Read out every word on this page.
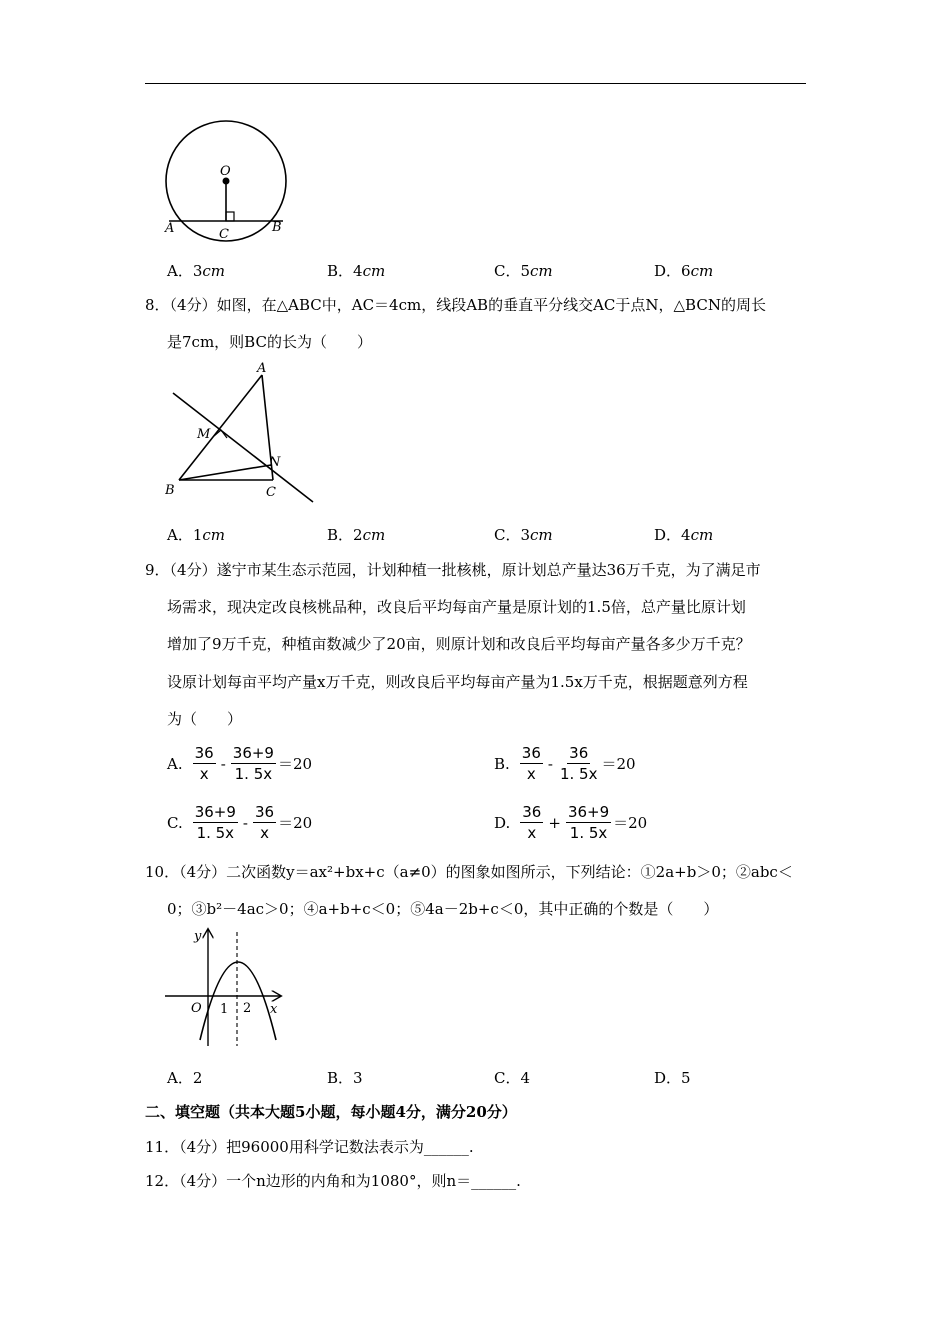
O
A	C	B
A．3cm	B．4cm	C．5cm	D．6cm
8．（4分）如图，在△ABC中，AC＝4cm，线段AB的垂直平分线交AC于点N，△BCN的周长
是7cm，则BC的长为（　　）
A
M
N
B	C
A．1cm	B．2cm	C．3cm	D．4cm
9．（4分）遂宁市某生态示范园，计划种植一批核桃，原计划总产量达36万千克，为了满足市
场需求，现决定改良核桃品种，改良后平均每亩产量是原计划的1.5倍，总产量比原计划
增加了9万千克，种植亩数减少了20亩，则原计划和改良后平均每亩产量各多少万千克？
设原计划每亩平均产量x万千克，则改良后平均每亩产量为1.5x万千克，根据题意列方程
为（　　）
A. $\frac{36}{x} - \frac{36+9}{1. 5x} =20$	B. $\frac{36}{x} - \frac{36}{1. 5x} =20$
C. $\frac{36+9}{1. 5x} - \frac{36}{x} =20$	D. $\frac{36}{x} + \frac{36+9}{1. 5x} =20$
10．（4分）二次函数y＝ax²+bx+c（a≠0）的图象如图所示，下列结论：①2a+b＞0；②abc＜
0；③b²－4ac＞0；④a+b+c＜0；⑤4a－2b+c＜0，其中正确的个数是（　　）
y
x
O 1 2
A．2	B．3	C．4	D．5
二、填空题（共本大题5小题，每小题4分，满分20分）
11．（4分）把96000用科学记数法表示为______.
12．（4分）一个n边形的内角和为1080°，则n＝______.
